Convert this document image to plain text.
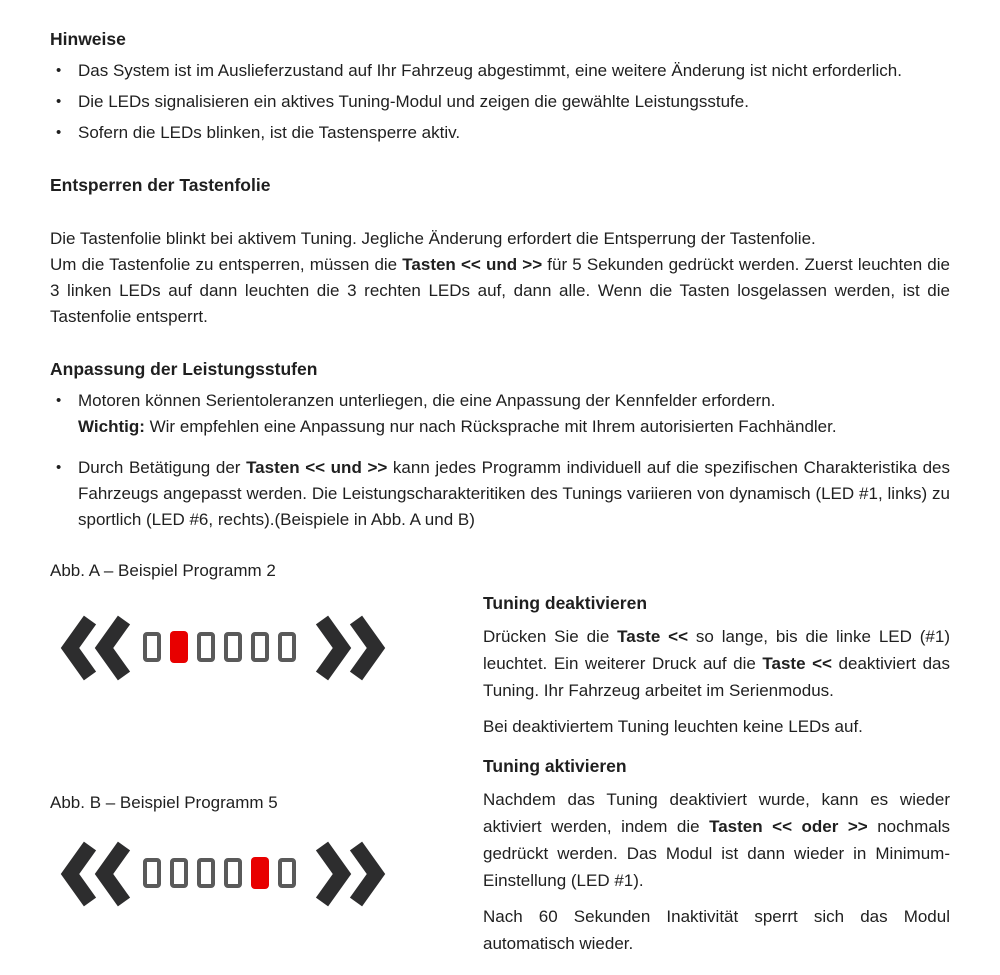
Hinweise

• Das System ist im Auslieferzustand auf Ihr Fahrzeug abgestimmt, eine weitere Änderung ist nicht erforderlich.

• Die LEDs signalisieren ein aktives Tuning-Modul und zeigen die gewählte Leistungsstufe.

• Sofern die LEDs blinken, ist die Tastensperre aktiv.

Entsperren der Tastenfolie

Die Tastenfolie blinkt bei aktivem Tuning. Jegliche Änderung erfordert die Entsperrung der Tastenfolie.

Um die Tastenfolie zu entsperren, müssen die Tasten << und >> für 5 Sekunden gedrückt werden. Zuerst leuchten die 3 linken LEDs auf dann leuchten die 3 rechten LEDs auf, dann alle. Wenn die Tasten losgelassen werden, ist die Tastenfolie entsperrt.

Anpassung der Leistungsstufen

• Motoren können Serientoleranzen unterliegen, die eine Anpassung der Kennfelder erfordern.

Wichtig: Wir empfehlen eine Anpassung nur nach Rücksprache mit Ihrem autorisierten Fachhändler.

• Durch Betätigung der Tasten << und >> kann jedes Programm individuell auf die spezifischen Charakteristika des Fahrzeugs angepasst werden. Die Leistungscharakteritiken des Tunings variieren von dynamisch (LED #1, links) zu sportlich (LED #6, rechts).(Beispiele in Abb. A und B)

Abb. A – Beispiel Programm 2
Abb. B – Beispiel Programm 5
Tuning deaktivieren

Drücken Sie die Taste << so lange, bis die linke LED (#1) leuchtet. Ein weiterer Druck auf die Taste << deaktiviert das Tuning. Ihr Fahrzeug arbeitet im Serienmodus.

Bei deaktiviertem Tuning leuchten keine LEDs auf.

Tuning aktivieren

Nachdem das Tuning deaktiviert wurde, kann es wieder aktiviert werden, indem die Tasten << oder >> nochmals gedrückt werden. Das Modul ist dann wieder in Minimum-Einstellung (LED #1).

Nach 60 Sekunden Inaktivität sperrt sich das Modul automatisch wieder.
